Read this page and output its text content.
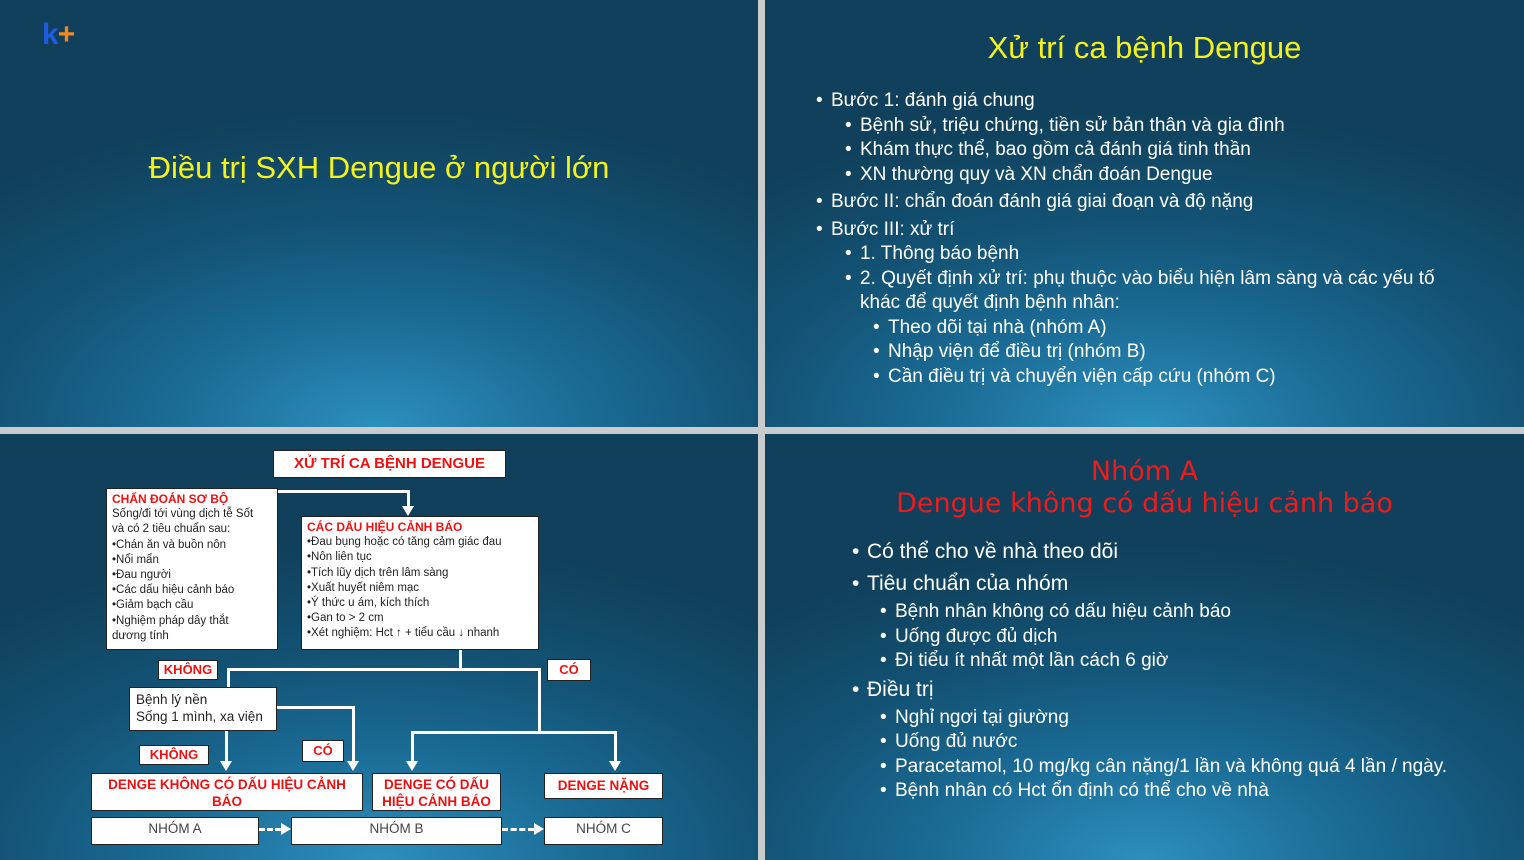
k+
Điều trị SXH Dengue ở người lớn
Xử trí ca bệnh Dengue
• Bước 1: đánh giá chung
• Bệnh sử, triệu chứng, tiền sử bản thân và gia đình
• Khám thực thể, bao gồm cả đánh giá tinh thần
• XN thường quy và XN chẩn đoán Dengue
• Bước II: chẩn đoán đánh giá giai đoạn và độ nặng
• Bước III: xử trí
• 1. Thông báo bệnh
• 2. Quyết định xử trí: phụ thuộc vào biểu hiện lâm sàng và các yếu tố khác để quyết định bệnh nhân:
• Theo dõi tại nhà (nhóm A)
• Nhập viện để điều trị (nhóm B)
• Cần điều trị và chuyển viện cấp cứu (nhóm C)
XỬ TRÍ CA BỆNH DENGUE
CHẨN ĐOÁN SƠ BỘ
Sống/đi tới vùng dịch tễ Sốt
và có 2 tiêu chuẩn sau:
•Chán ăn và buồn nôn
•Nổi mẩn
•Đau người
•Các dấu hiệu cảnh báo
•Giảm bạch cầu
•Nghiệm pháp dây thắt
dương tính
CÁC DẤU HIỆU CẢNH BÁO
•Đau bụng hoặc có tăng cảm giác đau
•Nôn liên tục
•Tích lũy dịch trên lâm sàng
•Xuất huyết niêm mạc
•Ý thức u ám, kích thích
•Gan to > 2 cm
•Xét nghiệm: Hct ↑ + tiểu cầu ↓ nhanh
KHÔNG	CÓ
Bệnh lý nền
Sống 1 mình, xa viện
KHÔNG	CÓ
DENGE KHÔNG CÓ DẤU HIỆU CẢNH BÁO
DENGE CÓ DẤU HIỆU CẢNH BÁO
DENGE NẶNG
NHÓM A	NHÓM B	NHÓM C
Nhóm A
Dengue không có dấu hiệu cảnh báo
• Có thể cho về nhà theo dõi
• Tiêu chuẩn của nhóm
• Bệnh nhân không có dấu hiệu cảnh báo
• Uống được đủ dịch
• Đi tiểu ít nhất một lần cách 6 giờ
• Điều trị
• Nghỉ ngơi tại giường
• Uống đủ nước
• Paracetamol, 10 mg/kg cân nặng/1 lần và không quá 4 lần / ngày.
• Bệnh nhân có Hct ổn định có thể cho về nhà
